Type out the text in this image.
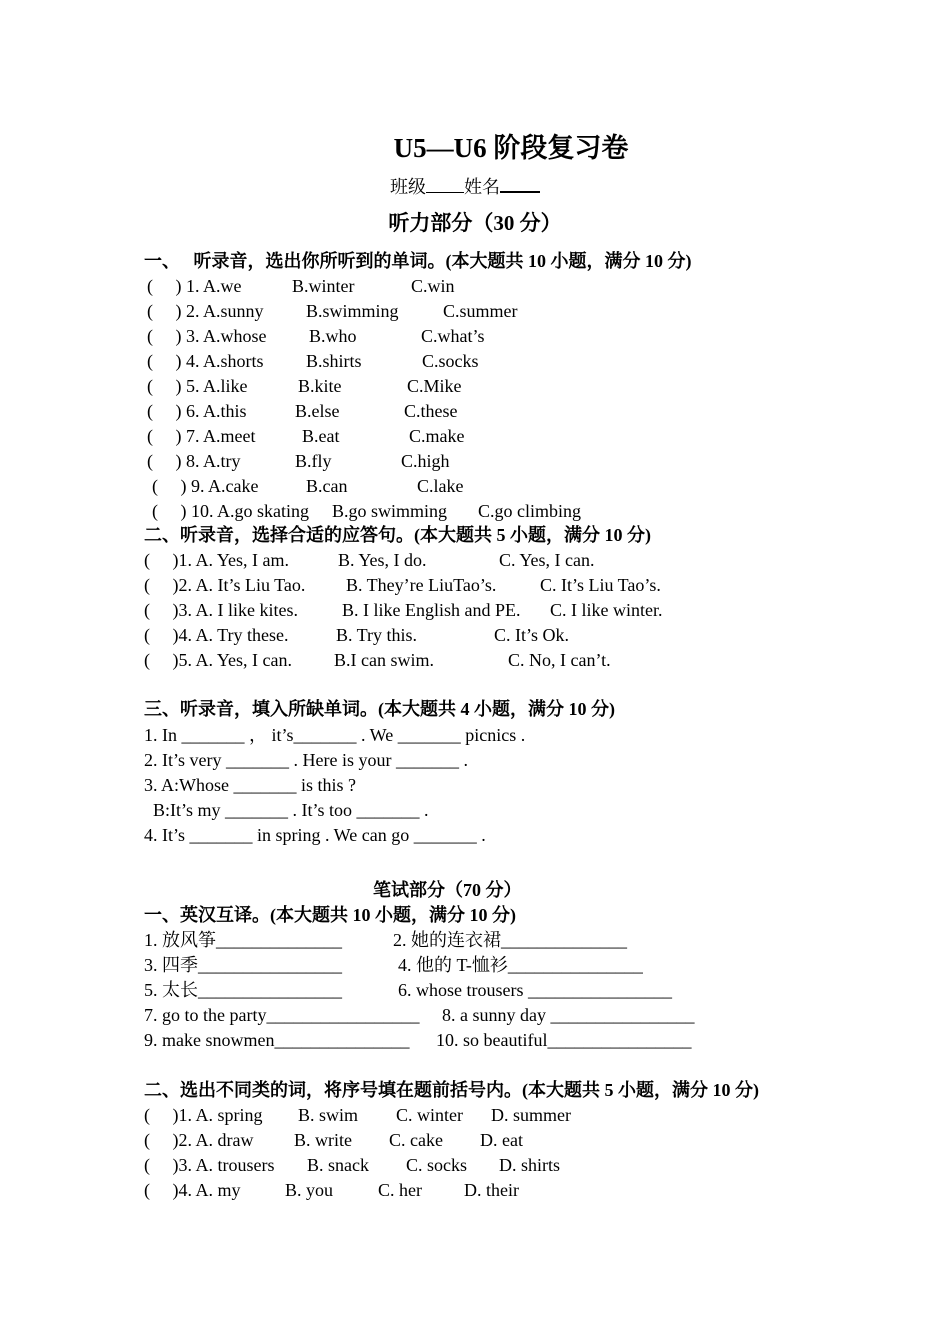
U5—U6 阶段复习卷
班级 姓名
听力部分（30 分）
一、　 听录音，选出你所听到的单词。(本大题共 10 小题，满分 10 分)
(　 ) 1. A.we	B.winter	C.win
(　 ) 2. A.sunny B.swimming C.summer
(　 ) 3. A.whose B.who	C.what’s
(　 ) 4. A.shorts B.shirts	C.socks
(　 ) 5. A.like	B.kite	C.Mike
(　 ) 6. A.this	B.else	C.these
(　 ) 7. A.meet	B.eat	C.make
(　 ) 8. A.try	B.fly	C.high
(　 ) 9. A.cake	B.can	C.lake
(　 ) 10. A.go skating B.go swimming C.go climbing
二、听录音，选择合适的应答句。(本大题共 5 小题，满分 10 分)
(　 )1. A. Yes, I am.	B. Yes, I do.	C. Yes, I can.
(　 )2. A. It’s Liu Tao. B. They’re LiuTao’s. C. It’s Liu Tao’s.
(　 )3. A. I like kites. B. I like English and PE. C. I like winter.
(　 )4. A. Try these.	B. Try this.	C. It’s Ok.
(　 )5. A. Yes, I can. B.I can swim.	C. No, I can’t.
三、听录音，填入所缺单词。(本大题共 4 小题，满分 10 分)
1. In _______ ， it’s_______ . We _______ picnics .
2. It’s very _______ . Here is your _______ .
3. A:Whose _______ is this ?
B:It’s my _______ . It’s too _______ .
4. It’s _______ in spring . We can go _______ .
笔试部分（70 分）
一、英汉互译。(本大题共 10 小题，满分 10 分)
1. 放风筝______________	2. 她的连衣裙______________
3. 四季________________	4. 他的 T-恤衫_______________
5. 太长________________	6. whose trousers ________________
7. go to the party_________________ 8. a sunny day ________________
9. make snowmen_______________ 10. so beautiful________________
二、选出不同类的词，将序号填在题前括号内。(本大题共 5 小题，满分 10 分)
(　 )1. A. spring B. swim C. winter D. summer
(　 )2. A. draw B. write C. cake D. eat
(　 )3. A. trousers B. snack C. socks D. shirts
(　 )4. A. my B. you C. her D. their
